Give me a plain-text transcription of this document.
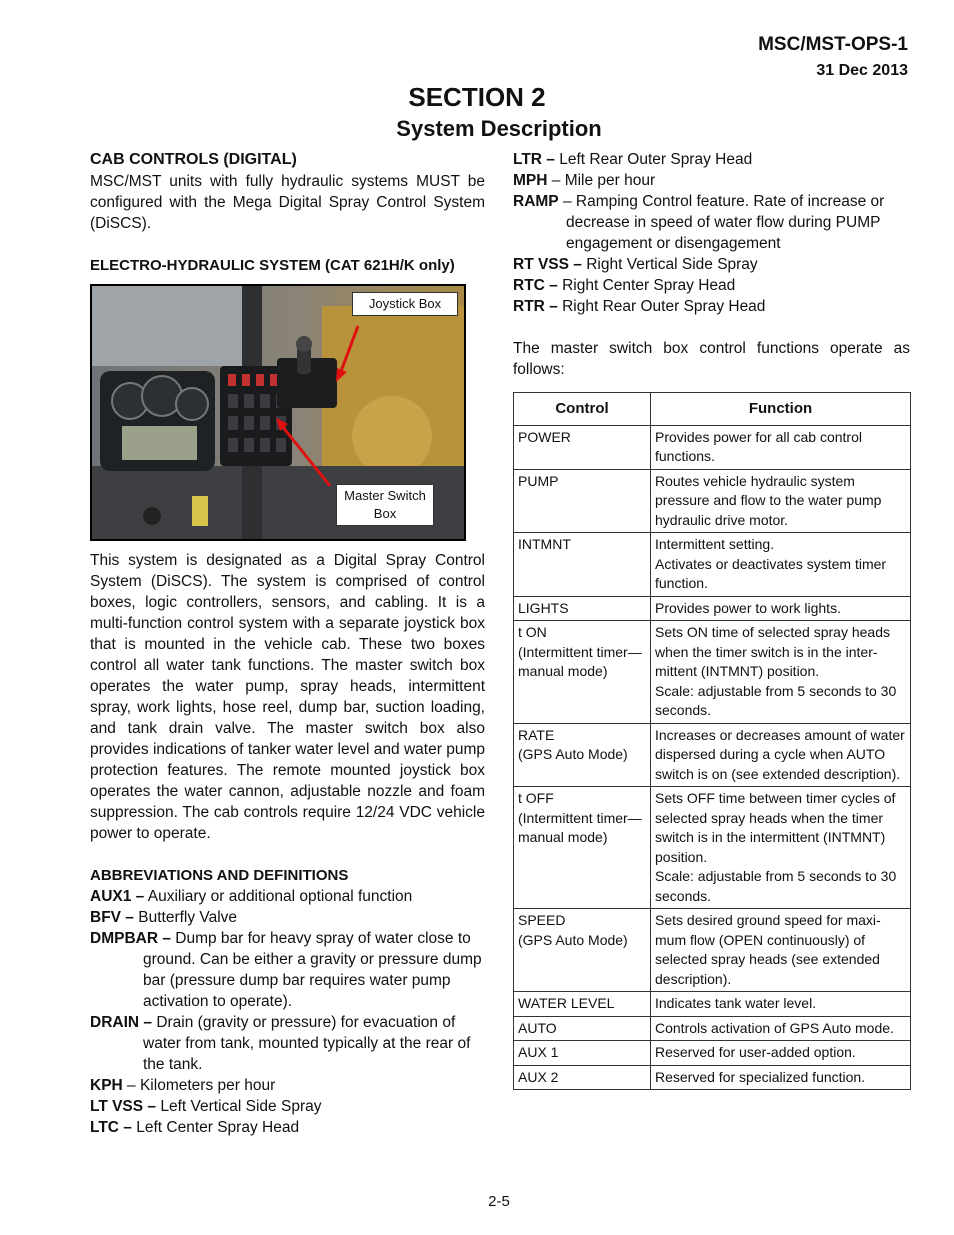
MSC/MST-OPS-1
31 Dec 2013
SECTION 2
System Description

CAB CONTROLS (DIGITAL)

MSC/MST units with fully hydraulic systems MUST be configured with the Mega Digital Spray Control System (DiSCS).

ELECTRO-HYDRAULIC SYSTEM (CAT 621H/K only)

Joystick Box
Master Switch Box

This system is designated as a Digital Spray Control System (DiSCS). The system is comprised of control boxes, logic controllers, sensors, and cabling. It is a multi-function control system with a separate joystick box that is mounted in the vehicle cab. These two boxes control all water tank functions. The master switch box operates the water pump, spray heads, intermittent spray, work lights, hose reel, dump bar, suction loading, and tank drain valve. The master switch box also provides indications of tanker water level and water pump protection features. The remote mounted joystick box operates the water cannon, adjustable nozzle and foam suppression. The cab controls require 12/24 VDC vehicle power to operate.

ABBREVIATIONS AND DEFINITIONS

AUX1 – Auxiliary or additional optional function

BFV – Butterfly Valve

DMPBAR – Dump bar for heavy spray of water close to ground. Can be either a gravity or pressure dump bar (pressure dump bar requires water pump activation to operate).

DRAIN – Drain (gravity or pressure) for evacuation of water from tank, mounted typically at the rear of the tank.

KPH – Kilometers per hour

LT VSS – Left Vertical Side Spray

LTC – Left Center Spray Head

LTR – Left Rear Outer Spray Head

MPH – Mile per hour

RAMP – Ramping Control feature. Rate of increase or decrease in speed of water flow during PUMP engagement or disengagement

RT VSS – Right Vertical Side Spray

RTC – Right Center Spray Head

RTR – Right Rear Outer Spray Head

The master switch box control functions operate as follows:

Control	Function
POWER	Provides power for all cab control functions.
PUMP	Routes vehicle hydraulic system pressure and flow to the water pump hydraulic drive motor.
INTMNT	Intermittent setting.
Activates or deactivates system timer function.
LIGHTS	Provides power to work lights.
t ON
(Intermittent timer—manual mode)	Sets ON time of selected spray heads when the timer switch is in the inter-mittent (INTMNT) position.
Scale: adjustable from 5 seconds to 30 seconds.
RATE
(GPS Auto Mode)	Increases or decreases amount of water dispersed during a cycle when AUTO switch is on (see extended description).
t OFF
(Intermittent timer—manual mode)	Sets OFF time between timer cycles of selected spray heads when the timer switch is in the intermittent (INTMNT) position.
Scale: adjustable from 5 seconds to 30 seconds.
SPEED
(GPS Auto Mode)	Sets desired ground speed for maxi-mum flow (OPEN continuously) of selected spray heads (see extended description).
WATER LEVEL	Indicates tank water level.
AUTO	Controls activation of GPS Auto mode.
AUX 1	Reserved for user-added option.
AUX 2	Reserved for specialized function.
2-5
